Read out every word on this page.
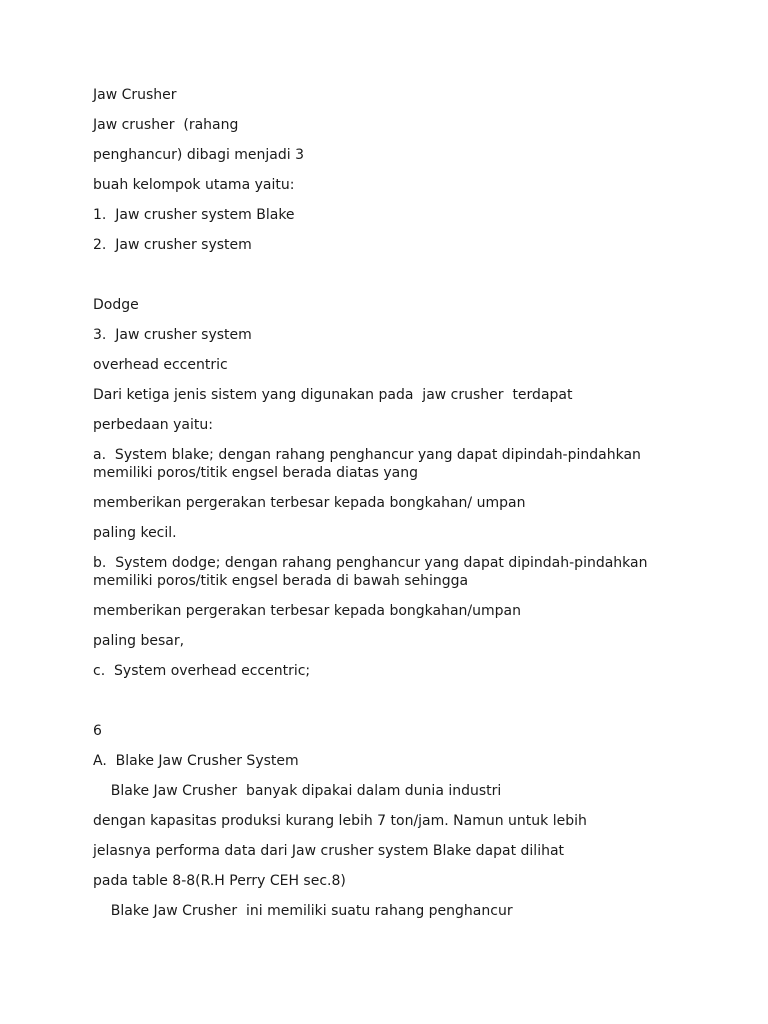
Jaw Crusher
Jaw crusher  (rahang
penghancur) dibagi menjadi 3
buah kelompok utama yaitu:
1.  Jaw crusher system Blake
2.  Jaw crusher system
Dodge
3.  Jaw crusher system
overhead eccentric
Dari ketiga jenis sistem yang digunakan pada  jaw crusher  terdapat
perbedaan yaitu:
a.  System blake; dengan rahang penghancur yang dapat dipindah-pindahkan
memiliki poros/titik engsel berada diatas yang
memberikan pergerakan terbesar kepada bongkahan/ umpan
paling kecil.
b.  System dodge; dengan rahang penghancur yang dapat dipindah-pindahkan
memiliki poros/titik engsel berada di bawah sehingga
memberikan pergerakan terbesar kepada bongkahan/umpan
paling besar,
c.  System overhead eccentric;
6
A.  Blake Jaw Crusher System
Blake Jaw Crusher  banyak dipakai dalam dunia industri
dengan kapasitas produksi kurang lebih 7 ton/jam. Namun untuk lebih
jelasnya performa data dari Jaw crusher system Blake dapat dilihat
pada table 8-8(R.H Perry CEH sec.8)
Blake Jaw Crusher  ini memiliki suatu rahang penghancur
